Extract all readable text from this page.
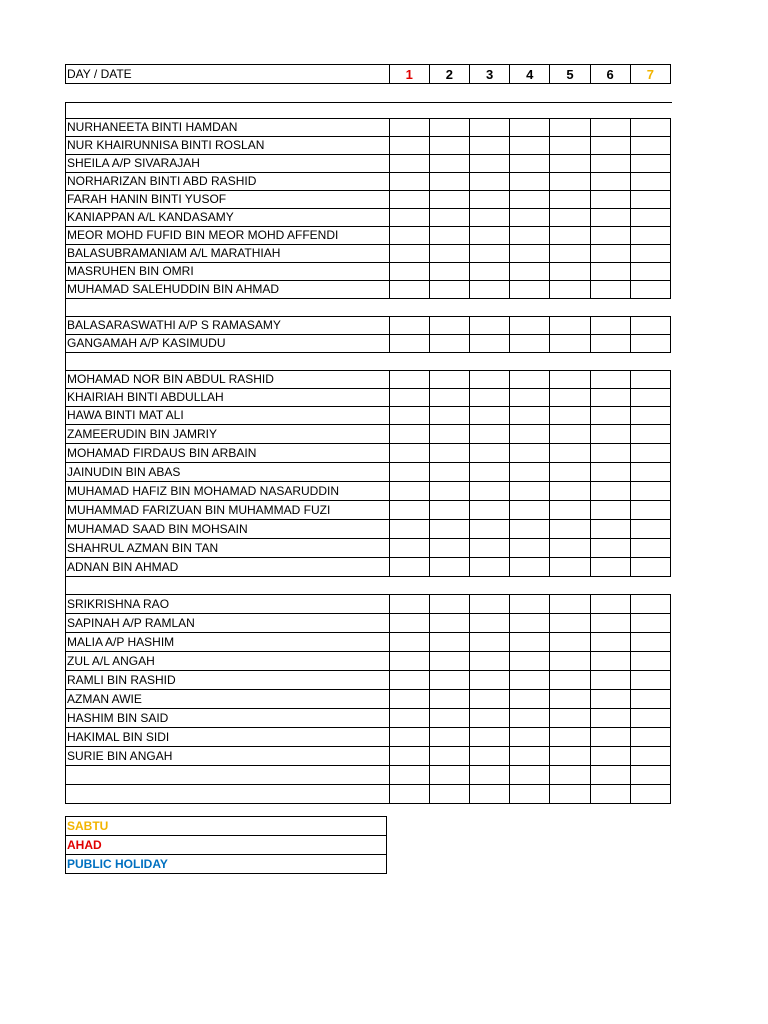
DAY / DATE	1	2	3	4	5	6	7
NURHANEETA BINTI HAMDAN							
NUR KHAIRUNNISA BINTI ROSLAN							
SHEILA A/P SIVARAJAH							
NORHARIZAN BINTI ABD RASHID							
FARAH HANIN BINTI YUSOF							
KANIAPPAN A/L KANDASAMY							
MEOR MOHD FUFID BIN MEOR MOHD AFFENDI							
BALASUBRAMANIAM A/L MARATHIAH							
MASRUHEN BIN OMRI							
MUHAMAD SALEHUDDIN BIN AHMAD							

BALASARASWATHI A/P S RAMASAMY							
GANGAMAH A/P KASIMUDU							

MOHAMAD NOR BIN ABDUL RASHID							
KHAIRIAH BINTI ABDULLAH							
HAWA BINTI MAT ALI							
ZAMEERUDIN BIN JAMRIY							
MOHAMAD FIRDAUS BIN ARBAIN							
JAINUDIN BIN ABAS							
MUHAMAD HAFIZ BIN MOHAMAD NASARUDDIN							
MUHAMMAD FARIZUAN BIN MUHAMMAD FUZI							
MUHAMAD SAAD BIN MOHSAIN							
SHAHRUL AZMAN BIN TAN							
ADNAN BIN AHMAD							

SRIKRISHNA RAO							
SAPINAH A/P RAMLAN							
MALIA A/P HASHIM							
ZUL A/L ANGAH							
RAMLI BIN RASHID							
AZMAN AWIE							
HASHIM BIN SAID							
HAKIMAL BIN SIDI							
SURIE BIN ANGAH							

SABTU
AHAD
PUBLIC HOLIDAY
